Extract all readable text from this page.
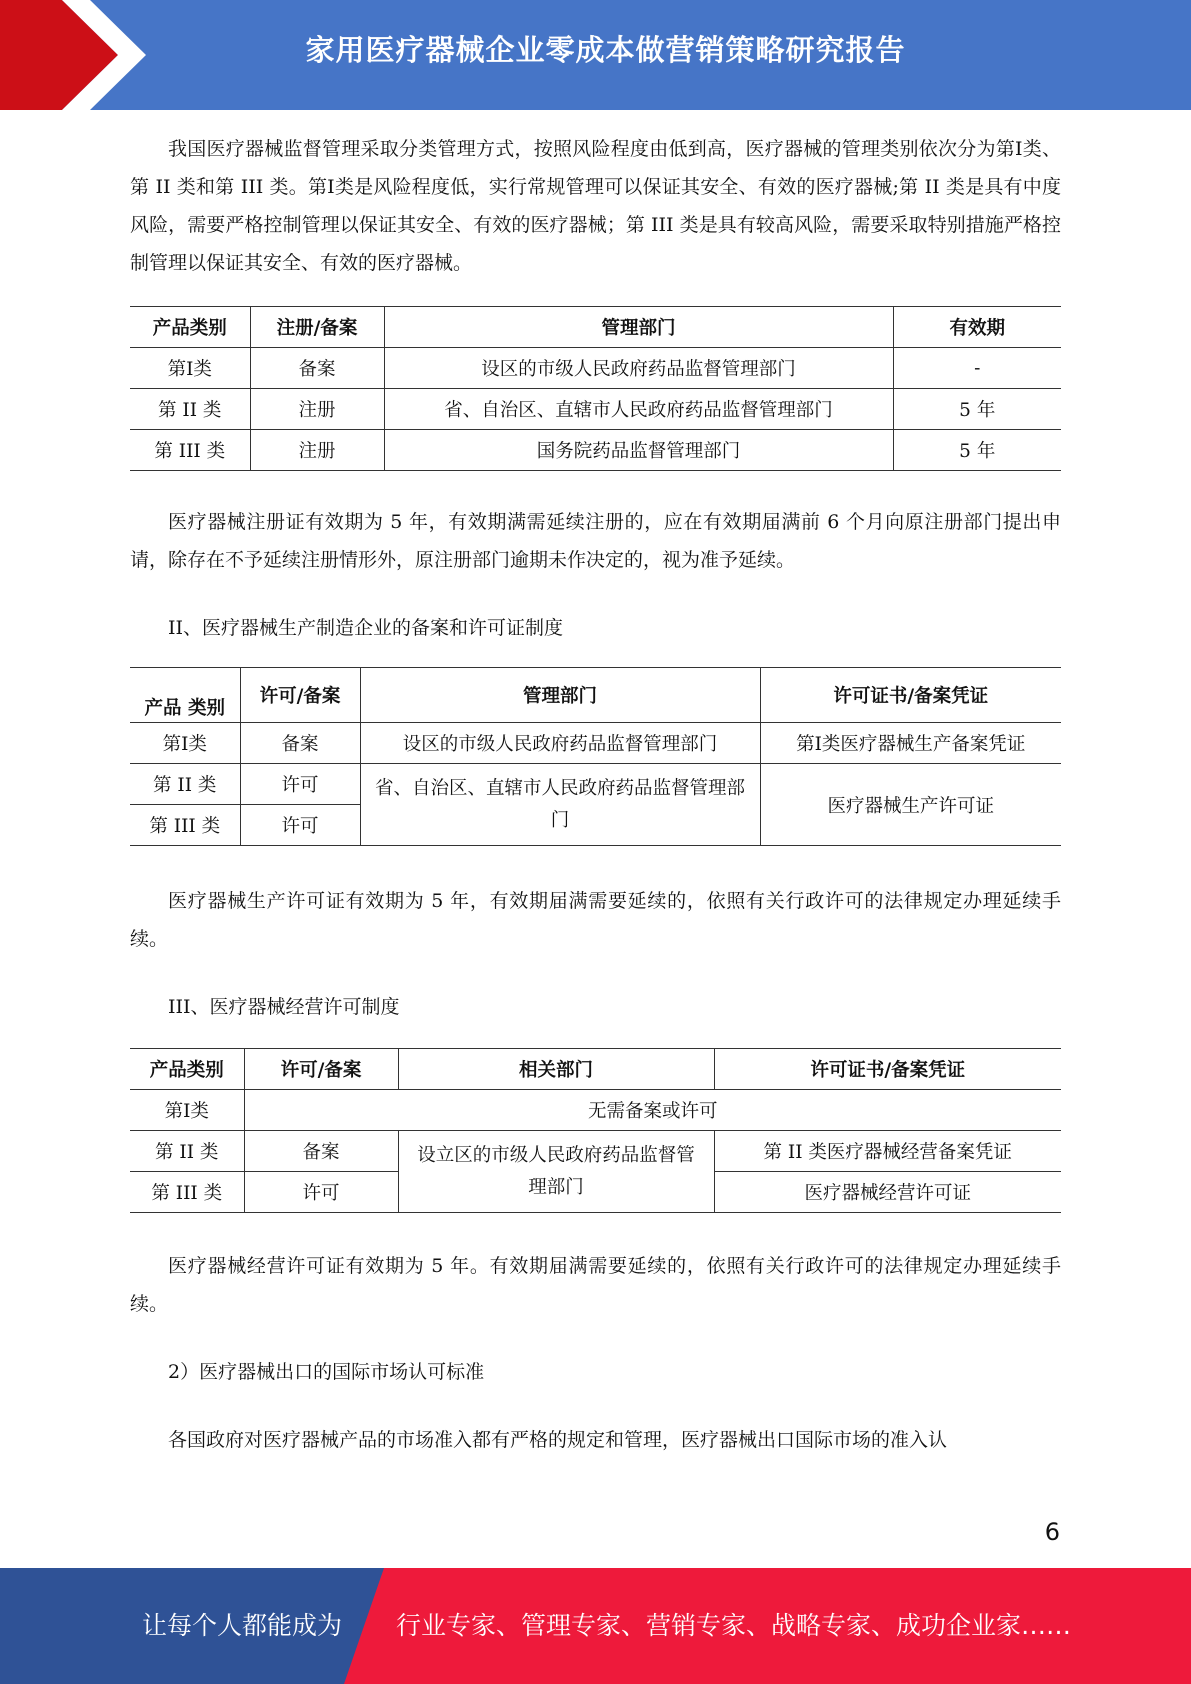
家用医疗器械企业零成本做营销策略研究报告

我国医疗器械监督管理采取分类管理方式，按照风险程度由低到高，医疗器械的管理类别依次分为第Ⅰ类、第 II 类和第 III 类。第Ⅰ类是风险程度低，实行常规管理可以保证其安全、有效的医疗器械;第 II 类是具有中度风险，需要严格控制管理以保证其安全、有效的医疗器械；第 III 类是具有较高风险，需要采取特别措施严格控制管理以保证其安全、有效的医疗器械。

产品类别	注册/备案	管理部门	有效期
第Ⅰ类	备案	设区的市级人民政府药品监督管理部门	-
第 II 类	注册	省、自治区、直辖市人民政府药品监督管理部门	5 年
第 III 类	注册	国务院药品监督管理部门	5 年

医疗器械注册证有效期为 5 年，有效期满需延续注册的，应在有效期届满前 6 个月向原注册部门提出申请，除存在不予延续注册情形外，原注册部门逾期未作决定的，视为准予延续。

II、医疗器械生产制造企业的备案和许可证制度

产品 类别	许可/备案	管理部门	许可证书/备案凭证
第Ⅰ类	备案	设区的市级人民政府药品监督管理部门	第Ⅰ类医疗器械生产备案凭证
第 II 类	许可	省、自治区、直辖市人民政府药品监督管理部门	医疗器械生产许可证
第 III 类	许可		

医疗器械生产许可证有效期为 5 年，有效期届满需要延续的，依照有关行政许可的法律规定办理延续手续。

III、医疗器械经营许可制度

产品类别	许可/备案	相关部门	许可证书/备案凭证
第Ⅰ类	无需备案或许可		
第 II 类	备案	设立区的市级人民政府药品监督管理部门	第 II 类医疗器械经营备案凭证
第 III 类	许可		医疗器械经营许可证

医疗器械经营许可证有效期为 5 年。有效期届满需要延续的，依照有关行政许可的法律规定办理延续手续。

2）医疗器械出口的国际市场认可标准

各国政府对医疗器械产品的市场准入都有严格的规定和管理，医疗器械出口国际市场的准入认

6
让每个人都能成为 行业专家、管理专家、营销专家、战略专家、成功企业家……
